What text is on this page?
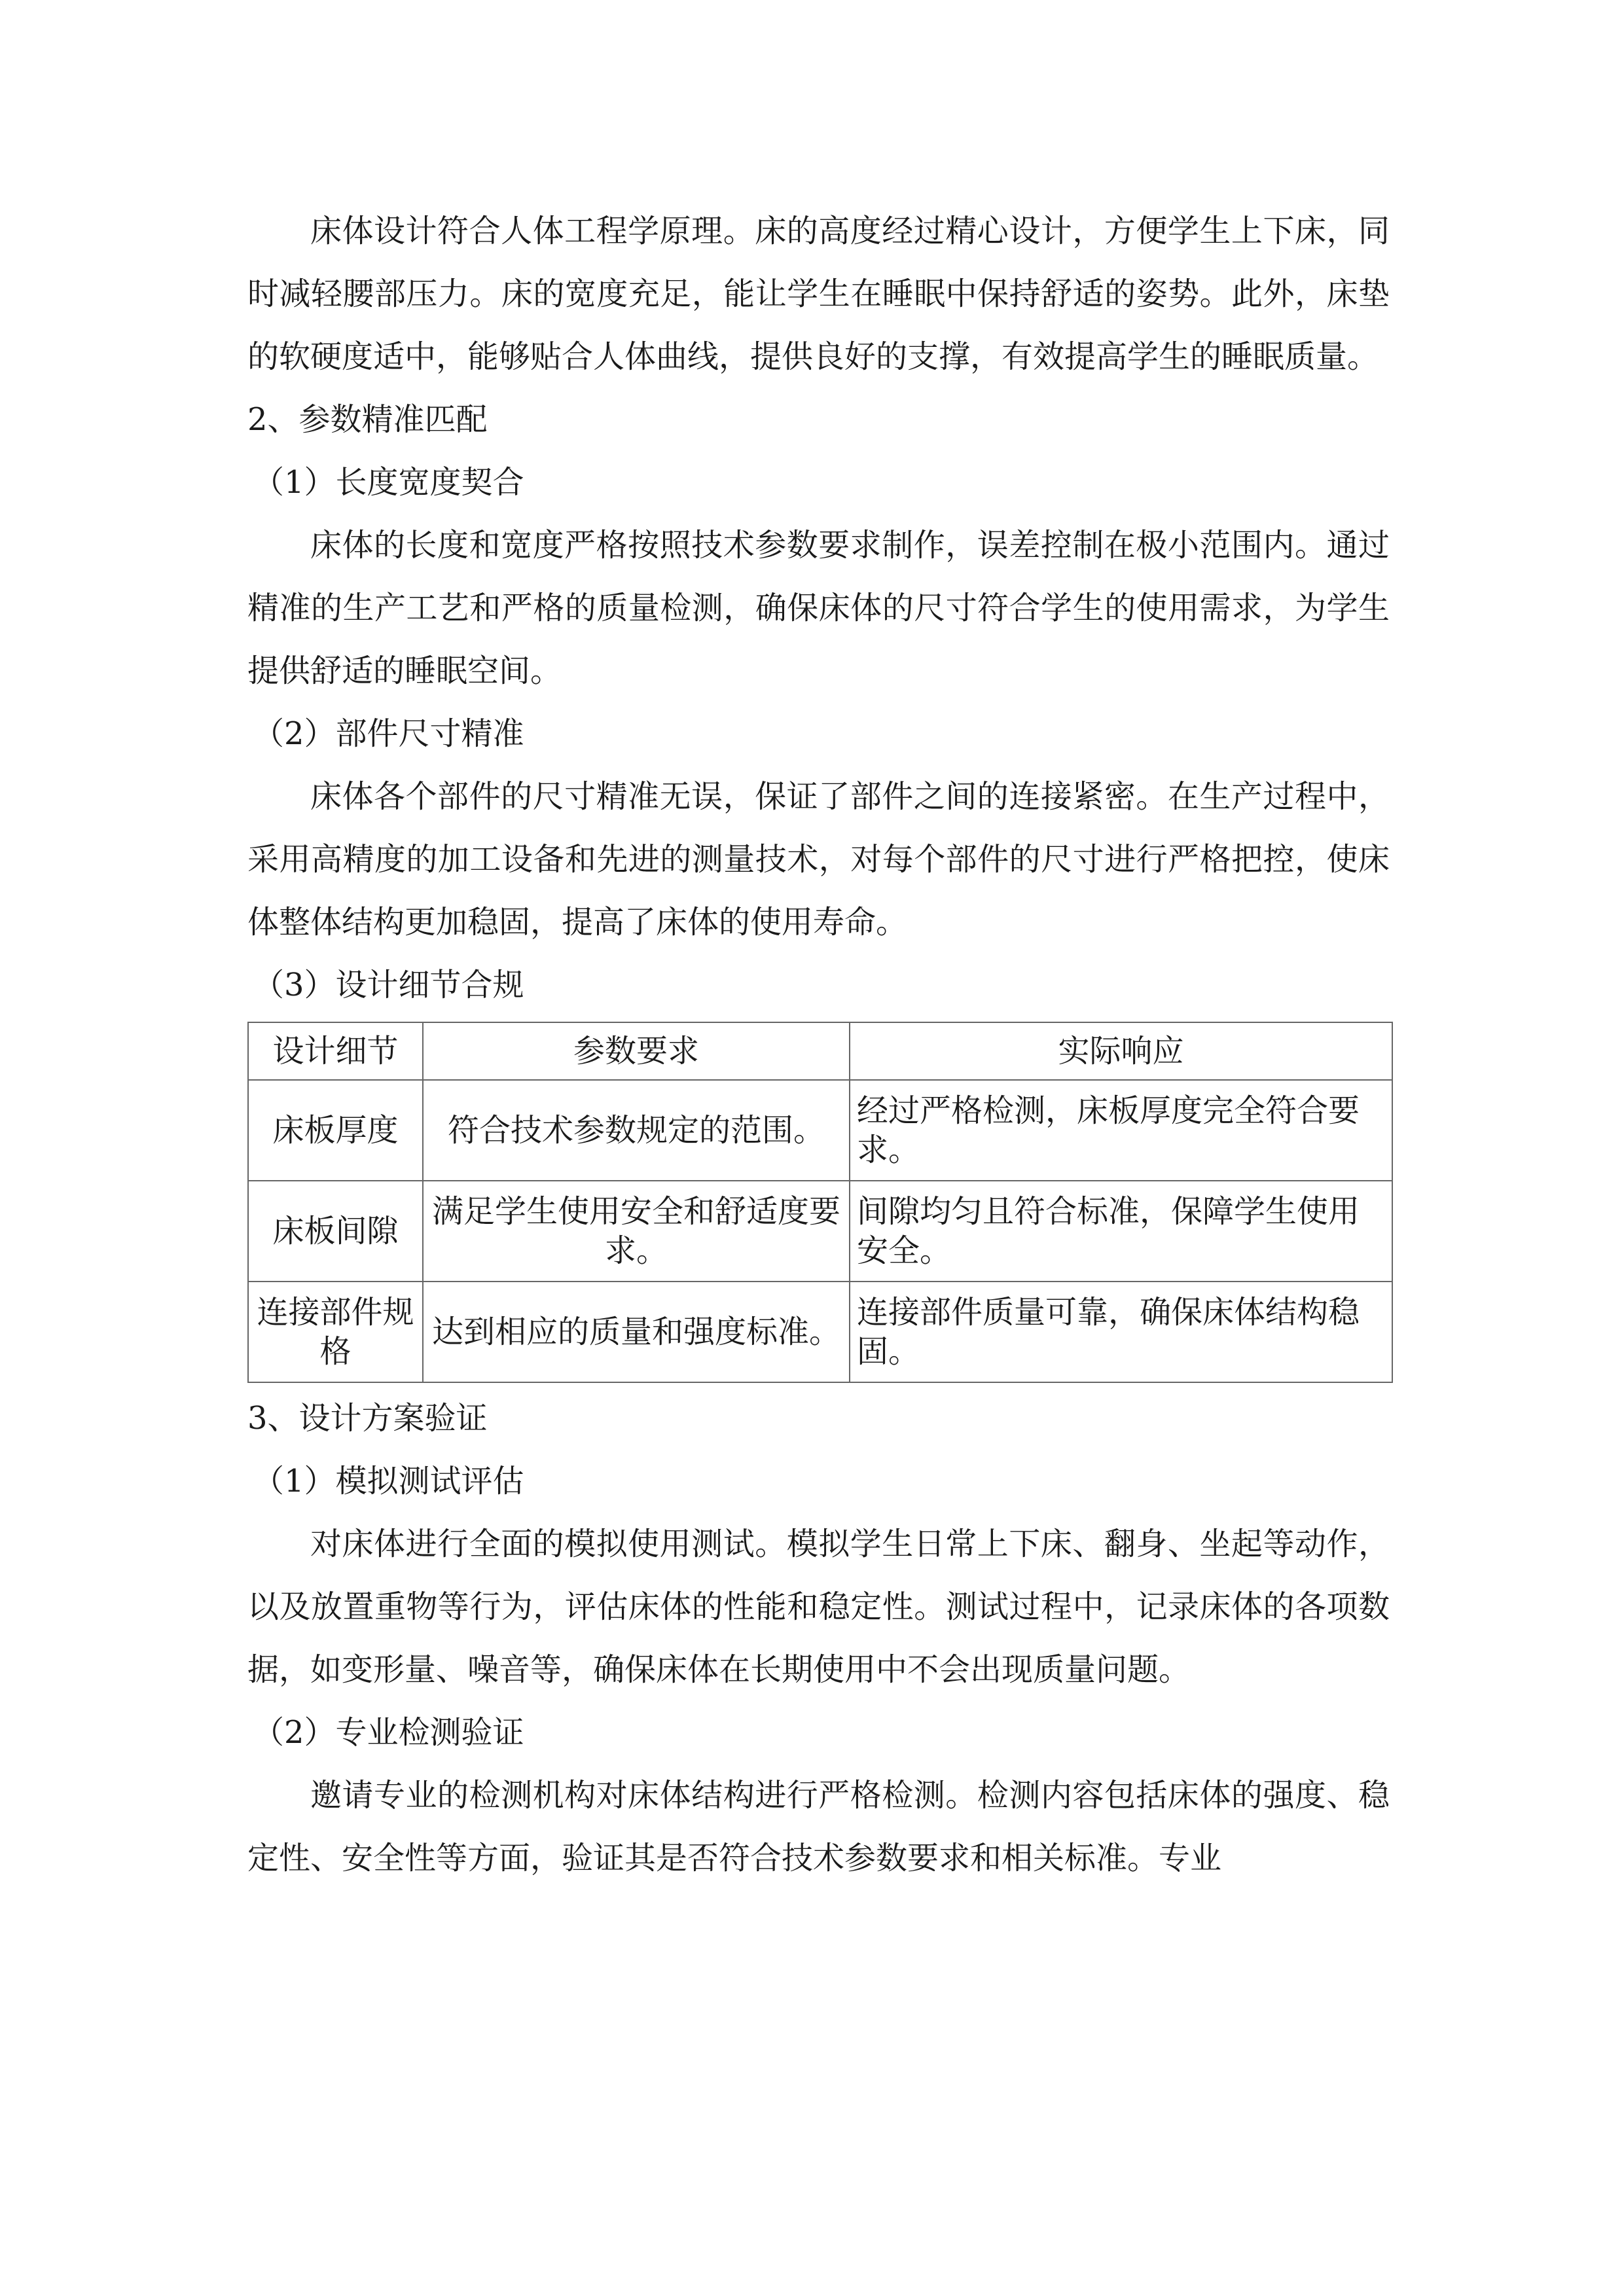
床体设计符合人体工程学原理。床的高度经过精心设计，方便学生上下床，同时减轻腰部压力。床的宽度充足，能让学生在睡眠中保持舒适的姿势。此外，床垫的软硬度适中，能够贴合人体曲线，提供良好的支撑，有效提高学生的睡眠质量。

2、参数精准匹配

（1）长度宽度契合

床体的长度和宽度严格按照技术参数要求制作，误差控制在极小范围内。通过精准的生产工艺和严格的质量检测，确保床体的尺寸符合学生的使用需求，为学生提供舒适的睡眠空间。

（2）部件尺寸精准

床体各个部件的尺寸精准无误，保证了部件之间的连接紧密。在生产过程中，采用高精度的加工设备和先进的测量技术，对每个部件的尺寸进行严格把控，使床体整体结构更加稳固，提高了床体的使用寿命。

（3）设计细节合规

设计细节	参数要求	实际响应
床板厚度	符合技术参数规定的范围。	经过严格检测，床板厚度完全符合要求。
床板间隙	满足学生使用安全和舒适度要求。	间隙均匀且符合标准，保障学生使用安全。
连接部件规格	达到相应的质量和强度标准。	连接部件质量可靠，确保床体结构稳固。

3、设计方案验证

（1）模拟测试评估

对床体进行全面的模拟使用测试。模拟学生日常上下床、翻身、坐起等动作，以及放置重物等行为，评估床体的性能和稳定性。测试过程中，记录床体的各项数据，如变形量、噪音等，确保床体在长期使用中不会出现质量问题。

（2）专业检测验证

邀请专业的检测机构对床体结构进行严格检测。检测内容包括床体的强度、稳定性、安全性等方面，验证其是否符合技术参数要求和相关标准。专业
